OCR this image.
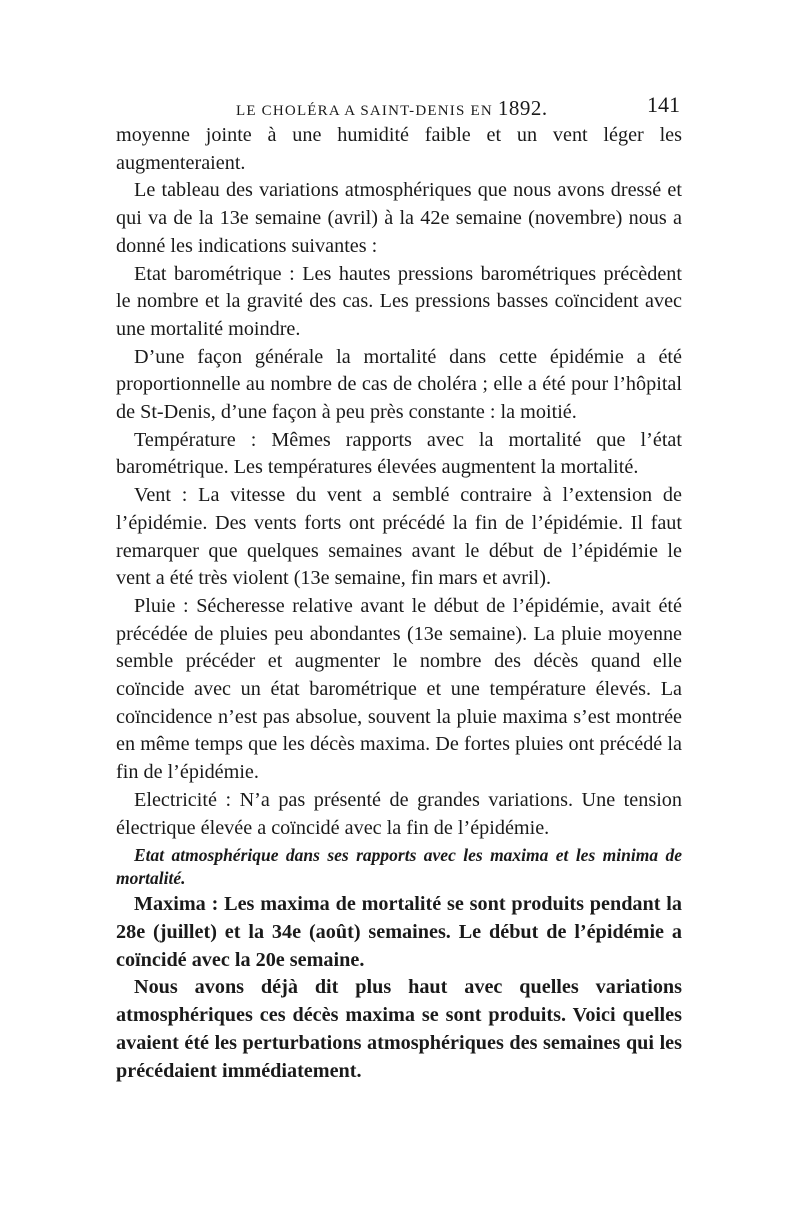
LE CHOLÉRA A SAINT-DENIS EN 1892.	141

moyenne jointe à une humidité faible et un vent léger les augmenteraient.

Le tableau des variations atmosphériques que nous avons dressé et qui va de la 13e semaine (avril) à la 42e semaine (novembre) nous a donné les indications suivantes :

Etat barométrique : Les hautes pressions barométriques précèdent le nombre et la gravité des cas. Les pressions basses coïncident avec une mortalité moindre.

D’une façon générale la mortalité dans cette épidémie a été proportionnelle au nombre de cas de choléra ; elle a été pour l’hôpital de St-Denis, d’une façon à peu près constante : la moitié.

Température : Mêmes rapports avec la mortalité que l’état barométrique. Les températures élevées augmentent la mortalité.

Vent : La vitesse du vent a semblé contraire à l’extension de l’épidémie. Des vents forts ont précédé la fin de l’épidémie. Il faut remarquer que quelques semaines avant le début de l’épidémie le vent a été très violent (13e semaine, fin mars et avril).

Pluie : Sécheresse relative avant le début de l’épidémie, avait été précédée de pluies peu abondantes (13e semaine). La pluie moyenne semble précéder et augmenter le nombre des décès quand elle coïncide avec un état barométrique et une température élevés. La coïncidence n’est pas absolue, souvent la pluie maxima s’est montrée en même temps que les décès maxima. De fortes pluies ont précédé la fin de l’épidémie.

Electricité : N’a pas présenté de grandes variations. Une tension électrique élevée a coïncidé avec la fin de l’épidémie.

Etat atmosphérique dans ses rapports avec les maxima et les minima de mortalité.

Maxima : Les maxima de mortalité se sont produits pendant la 28e (juillet) et la 34e (août) semaines. Le début de l’épidémie a coïncidé avec la 20e semaine.

Nous avons déjà dit plus haut avec quelles variations atmosphériques ces décès maxima se sont produits. Voici quelles avaient été les perturbations atmosphériques des semaines qui les précédaient immédiatement.
